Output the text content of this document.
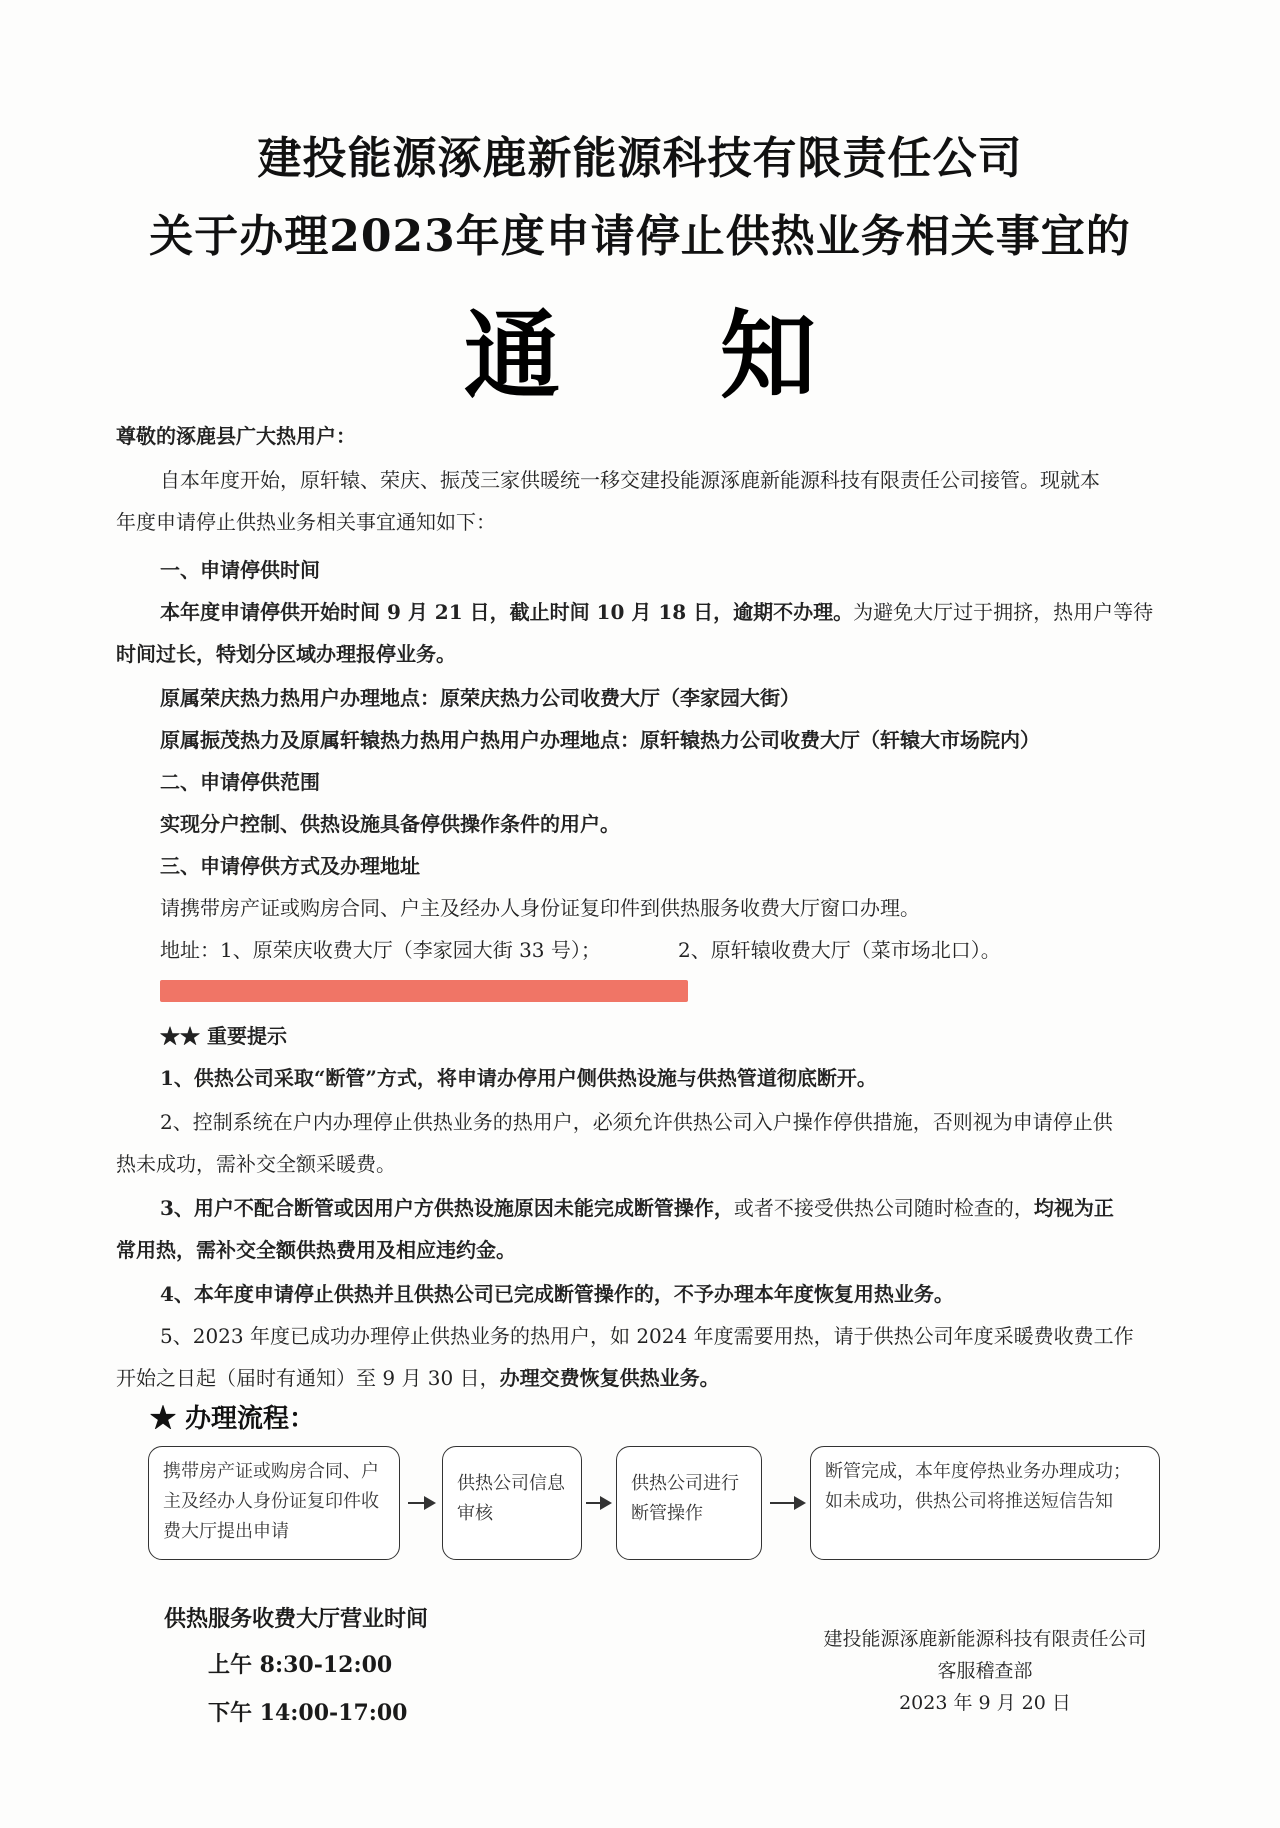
建投能源涿鹿新能源科技有限责任公司
关于办理2023年度申请停止供热业务相关事宜的
通知
尊敬的涿鹿县广大热用户：
自本年度开始，原轩辕、荣庆、振茂三家供暖统一移交建投能源涿鹿新能源科技有限责任公司接管。现就本
年度申请停止供热业务相关事宜通知如下：
一、申请停供时间
本年度申请停供开始时间 9 月 21 日，截止时间 10 月 18 日，逾期不办理。为避免大厅过于拥挤，热用户等待
时间过长，特划分区域办理报停业务。
原属荣庆热力热用户办理地点：原荣庆热力公司收费大厅（李家园大街）
原属振茂热力及原属轩辕热力热用户热用户办理地点：原轩辕热力公司收费大厅（轩辕大市场院内）
二、申请停供范围
实现分户控制、供热设施具备停供操作条件的用户。
三、申请停供方式及办理地址
请携带房产证或购房合同、户主及经办人身份证复印件到供热服务收费大厅窗口办理。
地址：1、原荣庆收费大厅（李家园大街 33 号）；	2、原轩辕收费大厅（菜市场北口）。
★★ 重要提示
1、供热公司采取“断管”方式，将申请办停用户侧供热设施与供热管道彻底断开。
2、控制系统在户内办理停止供热业务的热用户，必须允许供热公司入户操作停供措施，否则视为申请停止供
热未成功，需补交全额采暖费。
3、用户不配合断管或因用户方供热设施原因未能完成断管操作，或者不接受供热公司随时检查的，均视为正
常用热，需补交全额供热费用及相应违约金。
4、本年度申请停止供热并且供热公司已完成断管操作的，不予办理本年度恢复用热业务。
5、2023 年度已成功办理停止供热业务的热用户，如 2024 年度需要用热，请于供热公司年度采暖费收费工作
开始之日起（届时有通知）至 9 月 30 日，办理交费恢复供热业务。
★ 办理流程：
携带房产证或购房合同、户主及经办人身份证复印件收费大厅提出申请
供热公司信息审核
供热公司进行断管操作
断管完成，本年度停热业务办理成功；如未成功，供热公司将推送短信告知
供热服务收费大厅营业时间
上午 8:30-12:00
下午 14:00-17:00
建投能源涿鹿新能源科技有限责任公司
客服稽查部
2023 年 9 月 20 日
